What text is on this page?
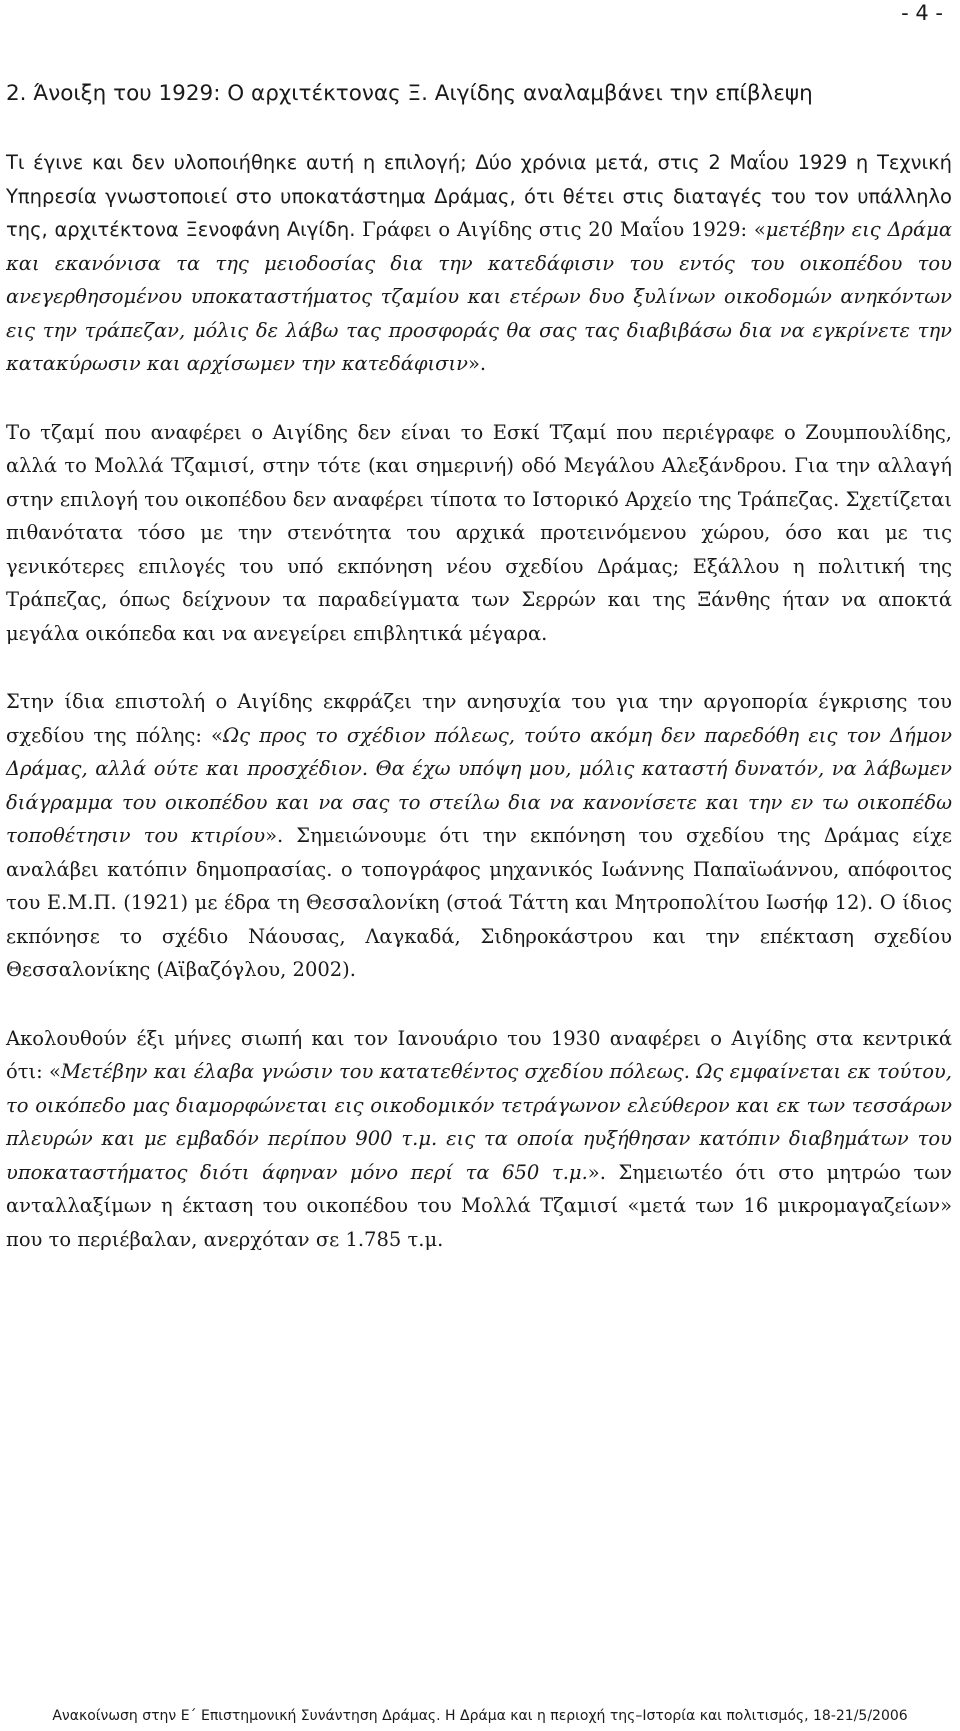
- 4 -
2. Άνοιξη του 1929: Ο αρχιτέκτονας Ξ. Αιγίδης αναλαμβάνει την επίβλεψη

Τι έγινε και δεν υλοποιήθηκε αυτή η επιλογή; Δύο χρόνια μετά, στις 2 Μαΐου 1929 η Τεχνική Υπηρεσία γνωστοποιεί στο υποκατάστημα Δράμας, ότι θέτει στις διαταγές του τον υπάλληλο της, αρχιτέκτονα Ξενοφάνη Αιγίδη. Γράφει ο Αιγίδης στις 20 Μαΐου 1929: «μετέβην εις Δράμα και εκανόνισα τα της μειοδοσίας δια την κατεδάφισιν του εντός του οικοπέδου του ανεγερθησομένου υποκαταστήματος τζαμίου και ετέρων δυο ξυλίνων οικοδομών ανηκόντων εις την τράπεζαν, μόλις δε λάβω τας προσφοράς θα σας τας διαβιβάσω δια να εγκρίνετε την κατακύρωσιν και αρχίσωμεν την κατεδάφισιν».

Το τζαμί που αναφέρει ο Αιγίδης δεν είναι το Εσκί Τζαμί που περιέγραφε ο Ζουμπουλίδης, αλλά το Μολλά Τζαμισί, στην τότε (και σημερινή) οδό Μεγάλου Αλεξάνδρου. Για την αλλαγή στην επιλογή του οικοπέδου δεν αναφέρει τίποτα το Ιστορικό Αρχείο της Τράπεζας. Σχετίζεται πιθανότατα τόσο με την στενότητα του αρχικά προτεινόμενου χώρου, όσο και με τις γενικότερες επιλογές του υπό εκπόνηση νέου σχεδίου Δράμας; Εξάλλου η πολιτική της Τράπεζας, όπως δείχνουν τα παραδείγματα των Σερρών και της Ξάνθης ήταν να αποκτά μεγάλα οικόπεδα και να ανεγείρει επιβλητικά μέγαρα.

Στην ίδια επιστολή ο Αιγίδης εκφράζει την ανησυχία του για την αργοπορία έγκρισης του σχεδίου της πόλης: «Ως προς το σχέδιον πόλεως, τούτο ακόμη δεν παρεδόθη εις τον Δήμον Δράμας, αλλά ούτε και προσχέδιον. Θα έχω υπόψη μου, μόλις καταστή δυνατόν, να λάβωμεν διάγραμμα του οικοπέδου και να σας το στείλω δια να κανονίσετε και την εν τω οικοπέδω τοποθέτησιν του κτιρίου». Σημειώνουμε ότι την εκπόνηση του σχεδίου της Δράμας είχε αναλάβει κατόπιν δημοπρασίας. ο τοπογράφος μηχανικός Ιωάννης Παπαϊωάννου, απόφοιτος του Ε.Μ.Π. (1921) με έδρα τη Θεσσαλονίκη (στοά Τάττη και Μητροπολίτου Ιωσήφ 12). Ο ίδιος εκπόνησε το σχέδιο Νάουσας, Λαγκαδά, Σιδηροκάστρου και την επέκταση σχεδίου Θεσσαλονίκης (Αϊβαζόγλου, 2002).

Ακολουθούν έξι μήνες σιωπή και τον Ιανουάριο του 1930 αναφέρει ο Αιγίδης στα κεντρικά ότι: «Μετέβην και έλαβα γνώσιν του κατατεθέντος σχεδίου πόλεως. Ως εμφαίνεται εκ τούτου, το οικόπεδο μας διαμορφώνεται εις οικοδομικόν τετράγωνον ελεύθερον και εκ των τεσσάρων πλευρών και με εμβαδόν περίπου 900 τ.μ. εις τα οποία ηυξήθησαν κατόπιν διαβημάτων του υποκαταστήματος διότι άφηναν μόνο περί τα 650 τ.μ.». Σημειωτέο ότι στο μητρώο των ανταλλαξίμων η έκταση του οικοπέδου του Μολλά Τζαμισί «μετά των 16 μικρομαγαζείων» που το περιέβαλαν, ανερχόταν σε 1.785 τ.μ.

Ανακοίνωση στην Ε΄ Επιστημονική Συνάντηση Δράμας. Η Δράμα και η περιοχή της–Ιστορία και πολιτισμός, 18-21/5/2006
